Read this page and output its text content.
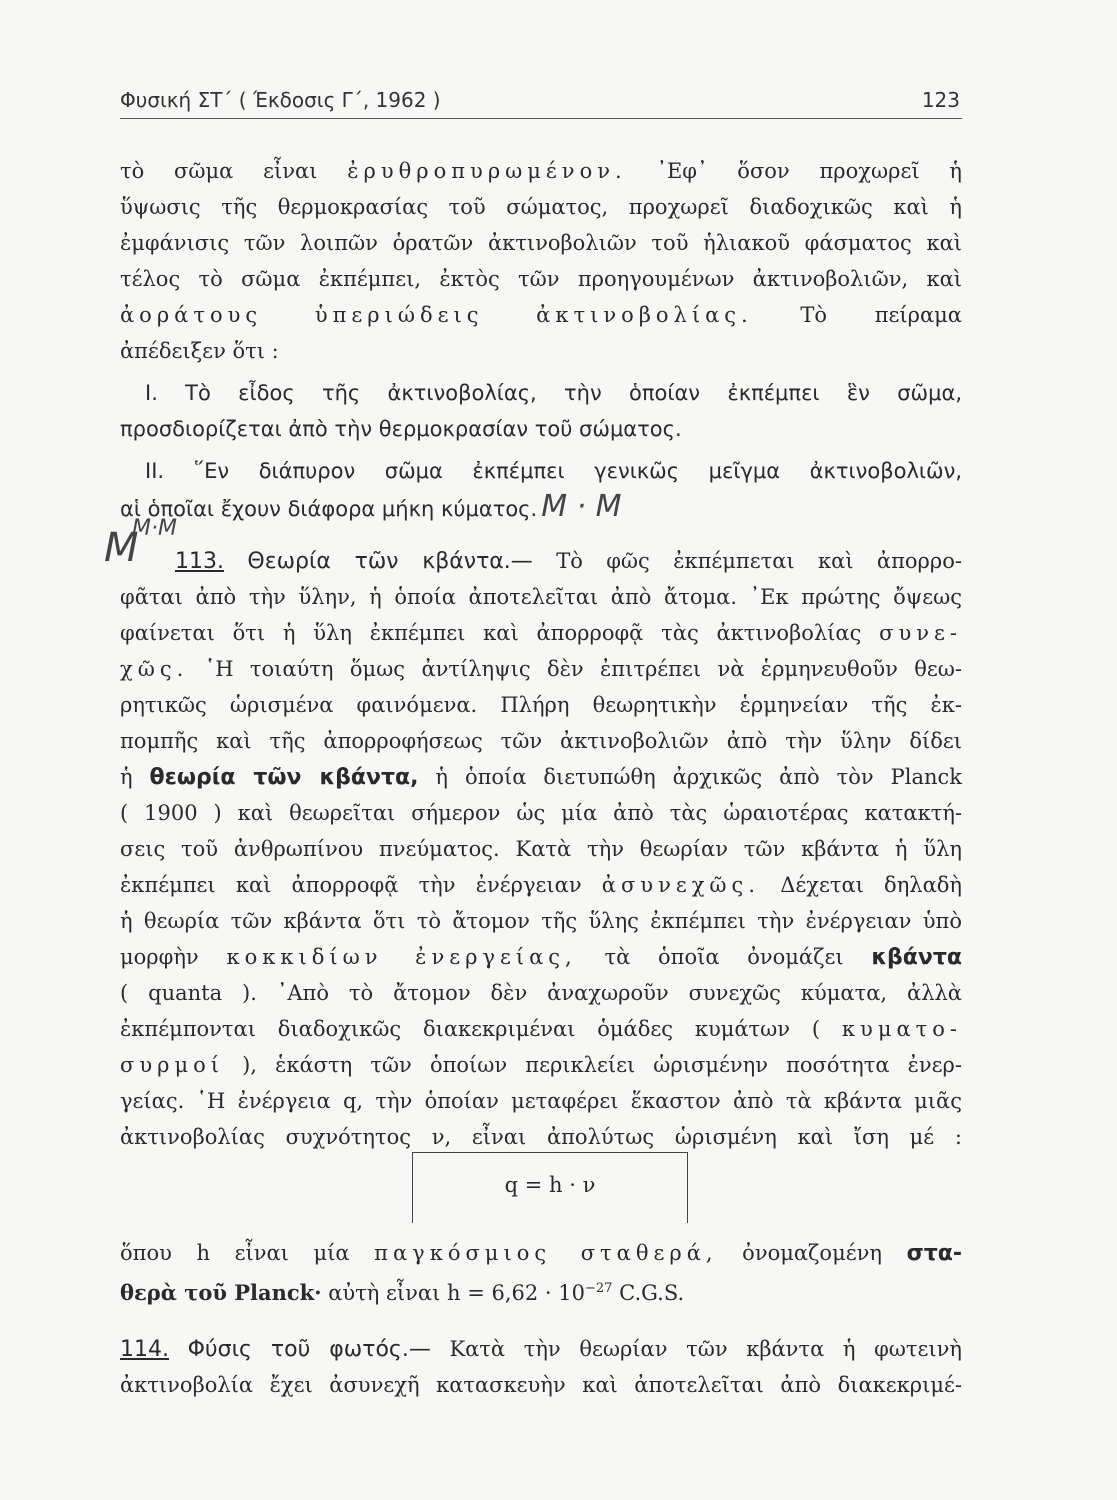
Φυσική ΣΤ΄ ( Έκδοσις Γ΄, 1962 )	123
τὸ σῶμα εἶναι ἐρυθροπυρωμένον. ᾿Εφ᾿ ὅσον προχωρεῖ ἡ
ὕψωσις τῆς θερμοκρασίας τοῦ σώματος, προχωρεῖ διαδοχικῶς καὶ ἡ
ἐμφάνισις τῶν λοιπῶν ὁρατῶν ἀκτινοβολιῶν τοῦ ἡλιακοῦ φάσματος καὶ
τέλος τὸ σῶμα ἐκπέμπει, ἐκτὸς τῶν προηγουμένων ἀκτινοβολιῶν, καὶ
ἀοράτους ὑπεριώδεις ἀκτινοβολίας. Τὸ πείραμα
ἀπέδειξεν ὅτι :
I. Τὸ εἶδος τῆς ἀκτινοβολίας, τὴν ὁποίαν ἐκπέμπει ἓν σῶμα,
προσδιορίζεται ἀπὸ τὴν θερμοκρασίαν τοῦ σώματος.
II. ῞Εν διάπυρον σῶμα ἐκπέμπει γενικῶς μεῖγμα ἀκτινοβολιῶν,
αἱ ὁποῖαι ἔχουν διάφορα μήκη κύματος. Μ · Μ
Μ
Μ·Μ
113. Θεωρία τῶν κβάντα.— Τὸ φῶς ἐκπέμπεται καὶ ἀπορρο-
φᾶται ἀπὸ τὴν ὕλην, ἡ ὁποία ἀποτελεῖται ἀπὸ ἄτομα. ᾿Εκ πρώτης ὄψεως
φαίνεται ὅτι ἡ ὕλη ἐκπέμπει καὶ ἀπορροφᾷ τὰς ἀκτινοβολίας συνε-
χῶς. ῾Η τοιαύτη ὅμως ἀντίληψις δὲν ἐπιτρέπει νὰ ἑρμηνευθοῦν θεω-
ρητικῶς ὡρισμένα φαινόμενα. Πλήρη θεωρητικὴν ἑρμηνείαν τῆς ἐκ-
πομπῆς καὶ τῆς ἀπορροφήσεως τῶν ἀκτινοβολιῶν ἀπὸ τὴν ὕλην δίδει
ἡ θεωρία τῶν κβάντα, ἡ ὁποία διετυπώθη ἀρχικῶς ἀπὸ τὸν Planck
( 1900 ) καὶ θεωρεῖται σήμερον ὡς μία ἀπὸ τὰς ὡραιοτέρας κατακτή-
σεις τοῦ ἀνθρωπίνου πνεύματος. Κατὰ τὴν θεωρίαν τῶν κβάντα ἡ ὕλη
ἐκπέμπει καὶ ἀπορροφᾷ τὴν ἐνέργειαν ἀσυνεχῶς. Δέχεται δηλαδὴ
ἡ θεωρία τῶν κβάντα ὅτι τὸ ἄτομον τῆς ὕλης ἐκπέμπει τὴν ἐνέργειαν ὑπὸ
μορφὴν κοκκιδίων ἐνεργείας, τὰ ὁποῖα ὀνομάζει κβάντα
( quanta ). ᾿Απὸ τὸ ἄτομον δὲν ἀναχωροῦν συνεχῶς κύματα, ἀλλὰ
ἐκπέμπονται διαδοχικῶς διακεκριμέναι ὁμάδες κυμάτων ( κυματο-
συρμοί ), ἑκάστη τῶν ὁποίων περικλείει ὡρισμένην ποσότητα ἐνερ-
γείας. ῾Η ἐνέργεια q, τὴν ὁποίαν μεταφέρει ἕκαστον ἀπὸ τὰ κβάντα μιᾶς
ἀκτινοβολίας συχνότητος ν, εἶναι ἀπολύτως ὡρισμένη καὶ ἴση μέ :
q = h · ν
ὅπου h εἶναι μία παγκόσμιος σταθερά, ὀνομαζομένη στα-
θερὰ τοῦ Planck· αὐτὴ εἶναι $h = 6,62 \cdot 10^{-27}$ C.G.S.
114. Φύσις τοῦ φωτός.— Κατὰ τὴν θεωρίαν τῶν κβάντα ἡ φωτεινὴ
ἀκτινοβολία ἔχει ἀσυνεχῆ κατασκευὴν καὶ ἀποτελεῖται ἀπὸ διακεκριμέ-
